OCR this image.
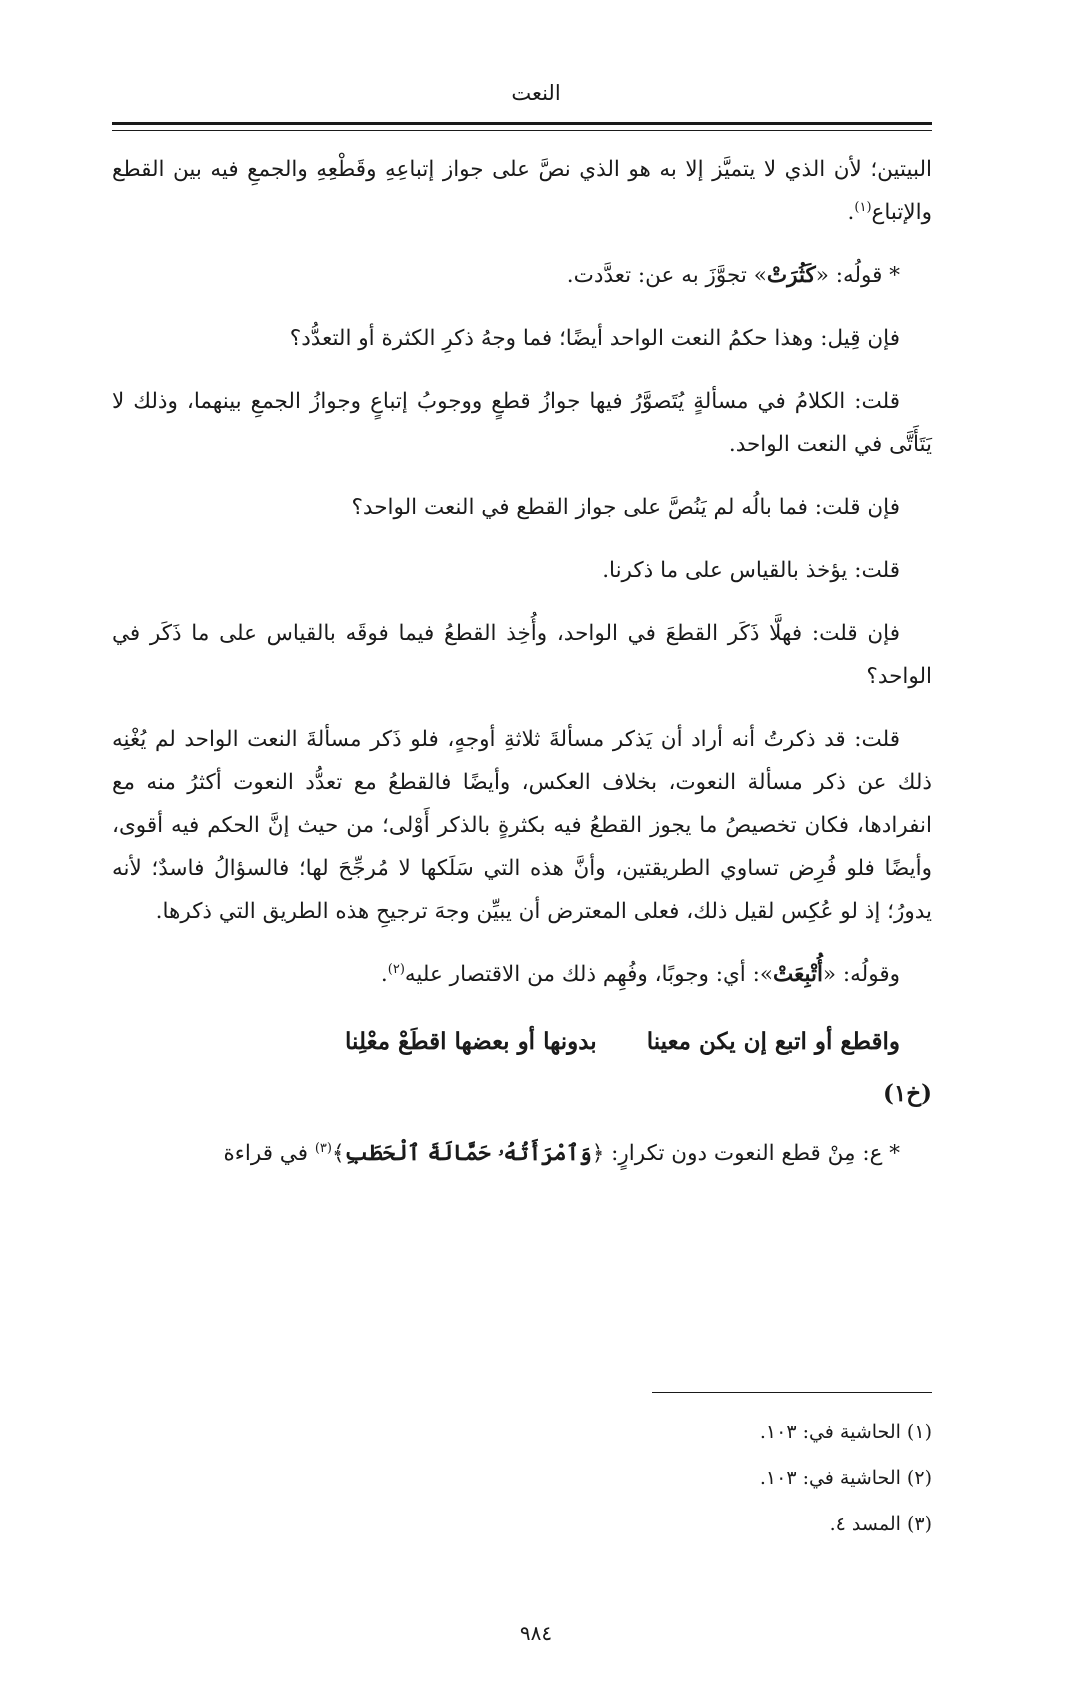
النعت

البيتين؛ لأن الذي لا يتميَّز إلا به هو الذي نصَّ على جواز إتباعِهِ وقَطْعِهِ والجمعِ فيه بين القطع والإتباع$^{(١)}$.

* قولُه: «كَثُرَتْ» تجوَّزَ به عن: تعدَّدت.

فإن قِيل: وهذا حكمُ النعت الواحد أيضًا؛ فما وجهُ ذكرِ الكثرة أو التعدُّد؟

قلت: الكلامُ في مسألةٍ يُتَصوَّرُ فيها جوازُ قطعٍ ووجوبُ إتباعٍ وجوازُ الجمعِ بينهما، وذلك لا يَتَأَتَّى في النعت الواحد.

فإن قلت: فما بالُه لم يَنُصَّ على جواز القطع في النعت الواحد؟

قلت: يؤخذ بالقياس على ما ذكرنا.

فإن قلت: فهلَّا ذَكَر القطعَ في الواحد، وأُخِذ القطعُ فيما فوقَه بالقياس على ما ذَكَر في الواحد؟

قلت: قد ذكرتُ أنه أراد أن يَذكر مسألةَ ثلاثةِ أوجهٍ، فلو ذَكر مسألةَ النعت الواحد لم يُغْنِه ذلك عن ذكر مسألة النعوت، بخلاف العكس، وأيضًا فالقطعُ مع تعدُّد النعوت أكثرُ منه مع انفرادها، فكان تخصيصُ ما يجوز القطعُ فيه بكثرةٍ بالذكر أَوْلى؛ من حيث إنَّ الحكم فيه أقوى، وأيضًا فلو فُرِض تساوي الطريقتين، وأنَّ هذه التي سَلَكها لا مُرجِّحَ لها؛ فالسؤالُ فاسدٌ؛ لأنه يدورُ؛ إذ لو عُكِس لقيل ذلك، فعلى المعترض أن يبيِّن وجهَ ترجيحِ هذه الطريق التي ذكرها.

وقولُه: «أُتْبِعَتْ»: أي: وجوبًا، وفُهِم ذلك من الاقتصار عليه$^{(٢)}$.

واقطع أو اتبع إن يكن معينابدونها أو بعضها اقطَعْ معْلِنا
(خ١)

* ع: مِنْ قطع النعوت دون تكرارٍ: ﴿وَٱمْرَأَتُهُۥ حَمَّالَةَ ٱلْحَطَبِ﴾$^{(٣)}$ في قراءة

(١) الحاشية في: ١٠٣.
(٢) الحاشية في: ١٠٣.
(٣) المسد ٤.
٩٨٤
